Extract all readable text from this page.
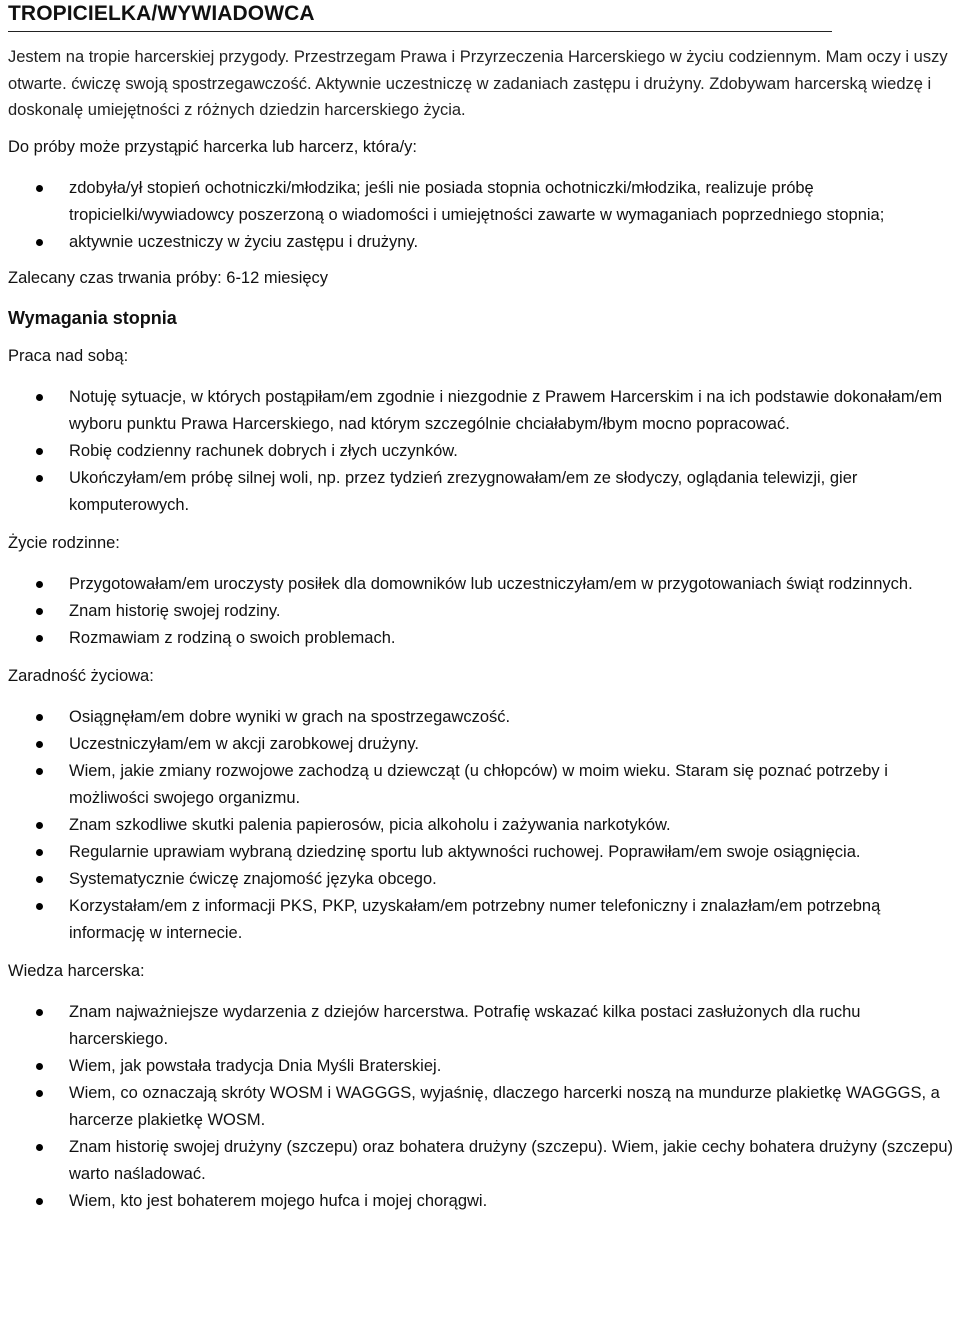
TROPICIELKA/WYWIADOWCA

Jestem na tropie harcerskiej przygody. Przestrzegam Prawa i Przyrzeczenia Harcerskiego w życiu codziennym. Mam oczy i uszy otwarte. ćwiczę swoją spostrzegawczość. Aktywnie uczestniczę w zadaniach zastępu i drużyny. Zdobywam harcerską wiedzę i doskonalę umiejętności z różnych dziedzin harcerskiego życia.

Do próby może przystąpić harcerka lub harcerz, która/y:

zdobyła/ył stopień ochotniczki/młodzika; jeśli nie posiada stopnia ochotniczki/młodzika, realizuje próbę tropicielki/wywiadowcy poszerzoną o wiadomości i umiejętności zawarte w wymaganiach poprzedniego stopnia;
aktywnie uczestniczy w życiu zastępu i drużyny.

Zalecany czas trwania próby: 6-12 miesięcy

Wymagania stopnia

Praca nad sobą:

Notuję sytuacje, w których postąpiłam/em zgodnie i niezgodnie z Prawem Harcerskim i na ich podstawie dokonałam/em wyboru punktu Prawa Harcerskiego, nad którym szczególnie chciałabym/łbym mocno popracować.
Robię codzienny rachunek dobrych i złych uczynków.
Ukończyłam/em próbę silnej woli, np. przez tydzień zrezygnowałam/em ze słodyczy, oglądania telewizji, gier komputerowych.

Życie rodzinne:

Przygotowałam/em uroczysty posiłek dla domowników lub uczestniczyłam/em w przygotowaniach świąt rodzinnych.
Znam historię swojej rodziny.
Rozmawiam z rodziną o swoich problemach.

Zaradność życiowa:

Osiągnęłam/em dobre wyniki w grach na spostrzegawczość.
Uczestniczyłam/em w akcji zarobkowej drużyny.
Wiem, jakie zmiany rozwojowe zachodzą u dziewcząt (u chłopców) w moim wieku. Staram się poznać potrzeby i możliwości swojego organizmu.
Znam szkodliwe skutki palenia papierosów, picia alkoholu i zażywania narkotyków.
Regularnie uprawiam wybraną dziedzinę sportu lub aktywności ruchowej. Poprawiłam/em swoje osiągnięcia.
Systematycznie ćwiczę znajomość języka obcego.
Korzystałam/em z informacji PKS, PKP, uzyskałam/em potrzebny numer telefoniczny i znalazłam/em potrzebną informację w internecie.

Wiedza harcerska:

Znam najważniejsze wydarzenia z dziejów harcerstwa. Potrafię wskazać kilka postaci zasłużonych dla ruchu harcerskiego.
Wiem, jak powstała tradycja Dnia Myśli Braterskiej.
Wiem, co oznaczają skróty WOSM i WAGGGS, wyjaśnię, dlaczego harcerki noszą na mundurze plakietkę WAGGGS, a harcerze plakietkę WOSM.
Znam historię swojej drużyny (szczepu) oraz bohatera drużyny (szczepu). Wiem, jakie cechy bohatera drużyny (szczepu) warto naśladować.
Wiem, kto jest bohaterem mojego hufca i mojej chorągwi.
